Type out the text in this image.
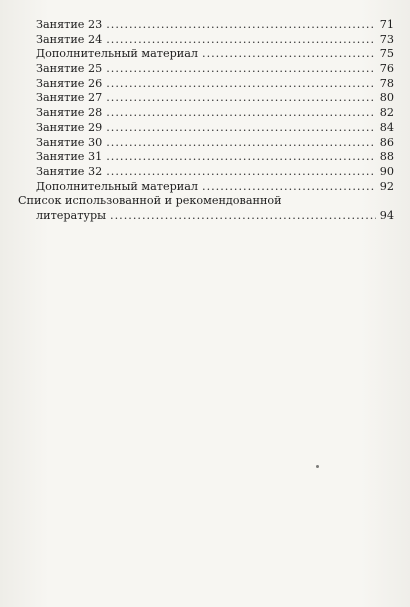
Занятие 23 .....	71
Занятие 24 .....	73
Дополнительный материал .....	75
Занятие 25 .....	76
Занятие 26 .....	78
Занятие 27 .....	80
Занятие 28 .....	82
Занятие 29 .....	84
Занятие 30 .....	86
Занятие 31 .....	88
Занятие 32 .....	90
Дополнительный материал .....	92
Список использованной и рекомендованной
литературы .....	94
